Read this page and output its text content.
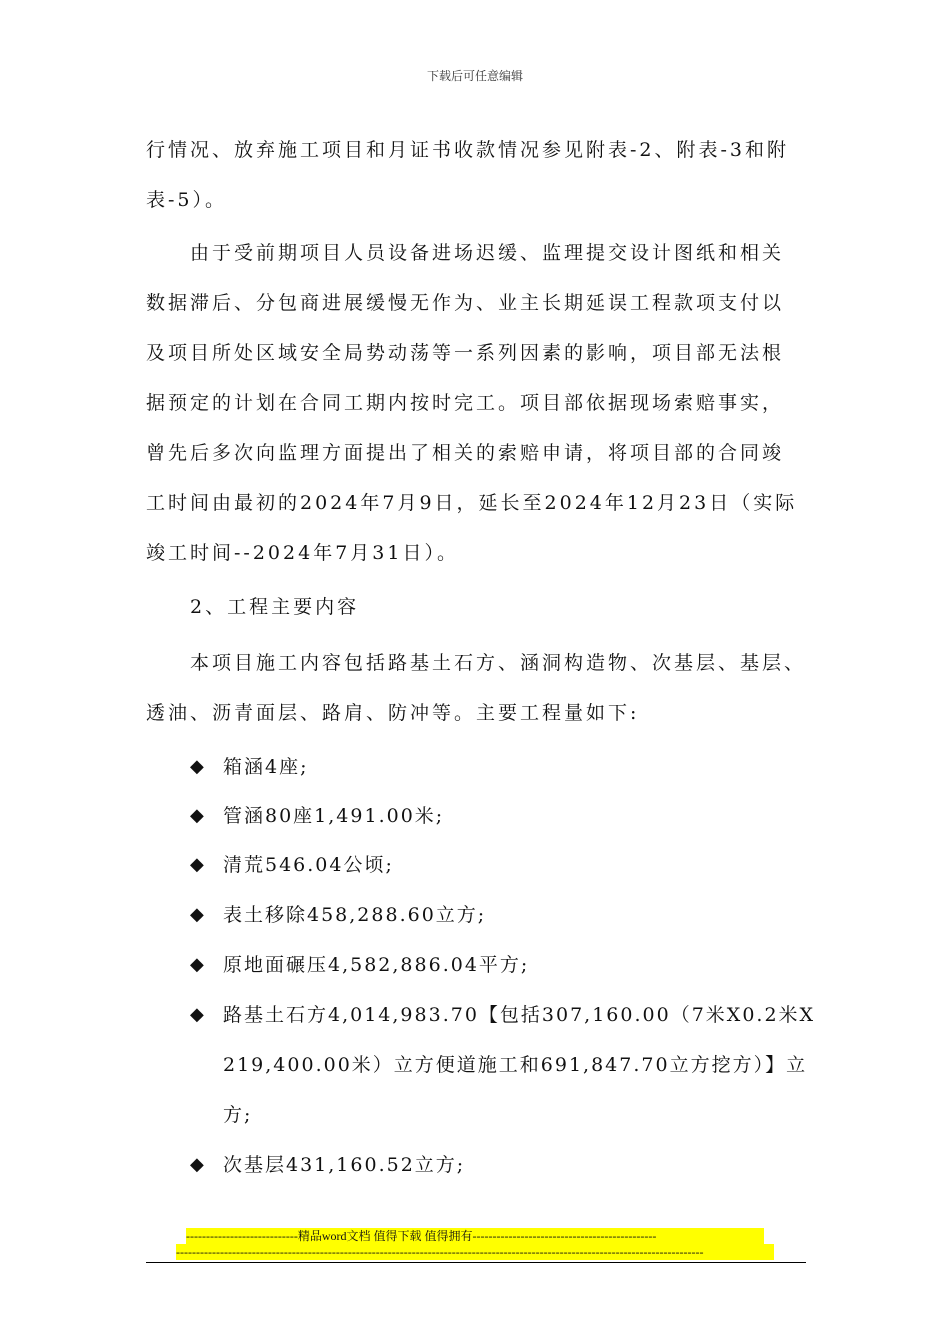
下载后可任意编辑
行情况、放弃施工项目和月证书收款情况参见附表-2、附表-3和附
表-5）。
由于受前期项目人员设备进场迟缓、监理提交设计图纸和相关
数据滞后、分包商进展缓慢无作为、业主长期延误工程款项支付以
及项目所处区域安全局势动荡等一系列因素的影响，项目部无法根
据预定的计划在合同工期内按时完工。项目部依据现场索赔事实，
曾先后多次向监理方面提出了相关的索赔申请，将项目部的合同竣
工时间由最初的2024年7月9日，延长至2024年12月23日（实际
竣工时间--2024年7月31日）。
2、工程主要内容
本项目施工内容包括路基土石方、涵洞构造物、次基层、基层、
透油、沥青面层、路肩、防冲等。主要工程量如下:
◆ 箱涵4座;
◆ 管涵80座1,491.00米;
◆ 清荒546.04公顷;
◆ 表土移除458,288.60立方;
◆ 原地面碾压4,582,886.04平方;
◆ 路基土石方4,014,983.70【包括307,160.00（7米X0.2米X
219,400.00米）立方便道施工和691,847.70立方挖方）】立
方;
◆ 次基层431,160.52立方;
----------------------------精品word文档 值得下载 值得拥有----------------------------------------------
------------------------------------------------------------------------------------------------------------------------------------
